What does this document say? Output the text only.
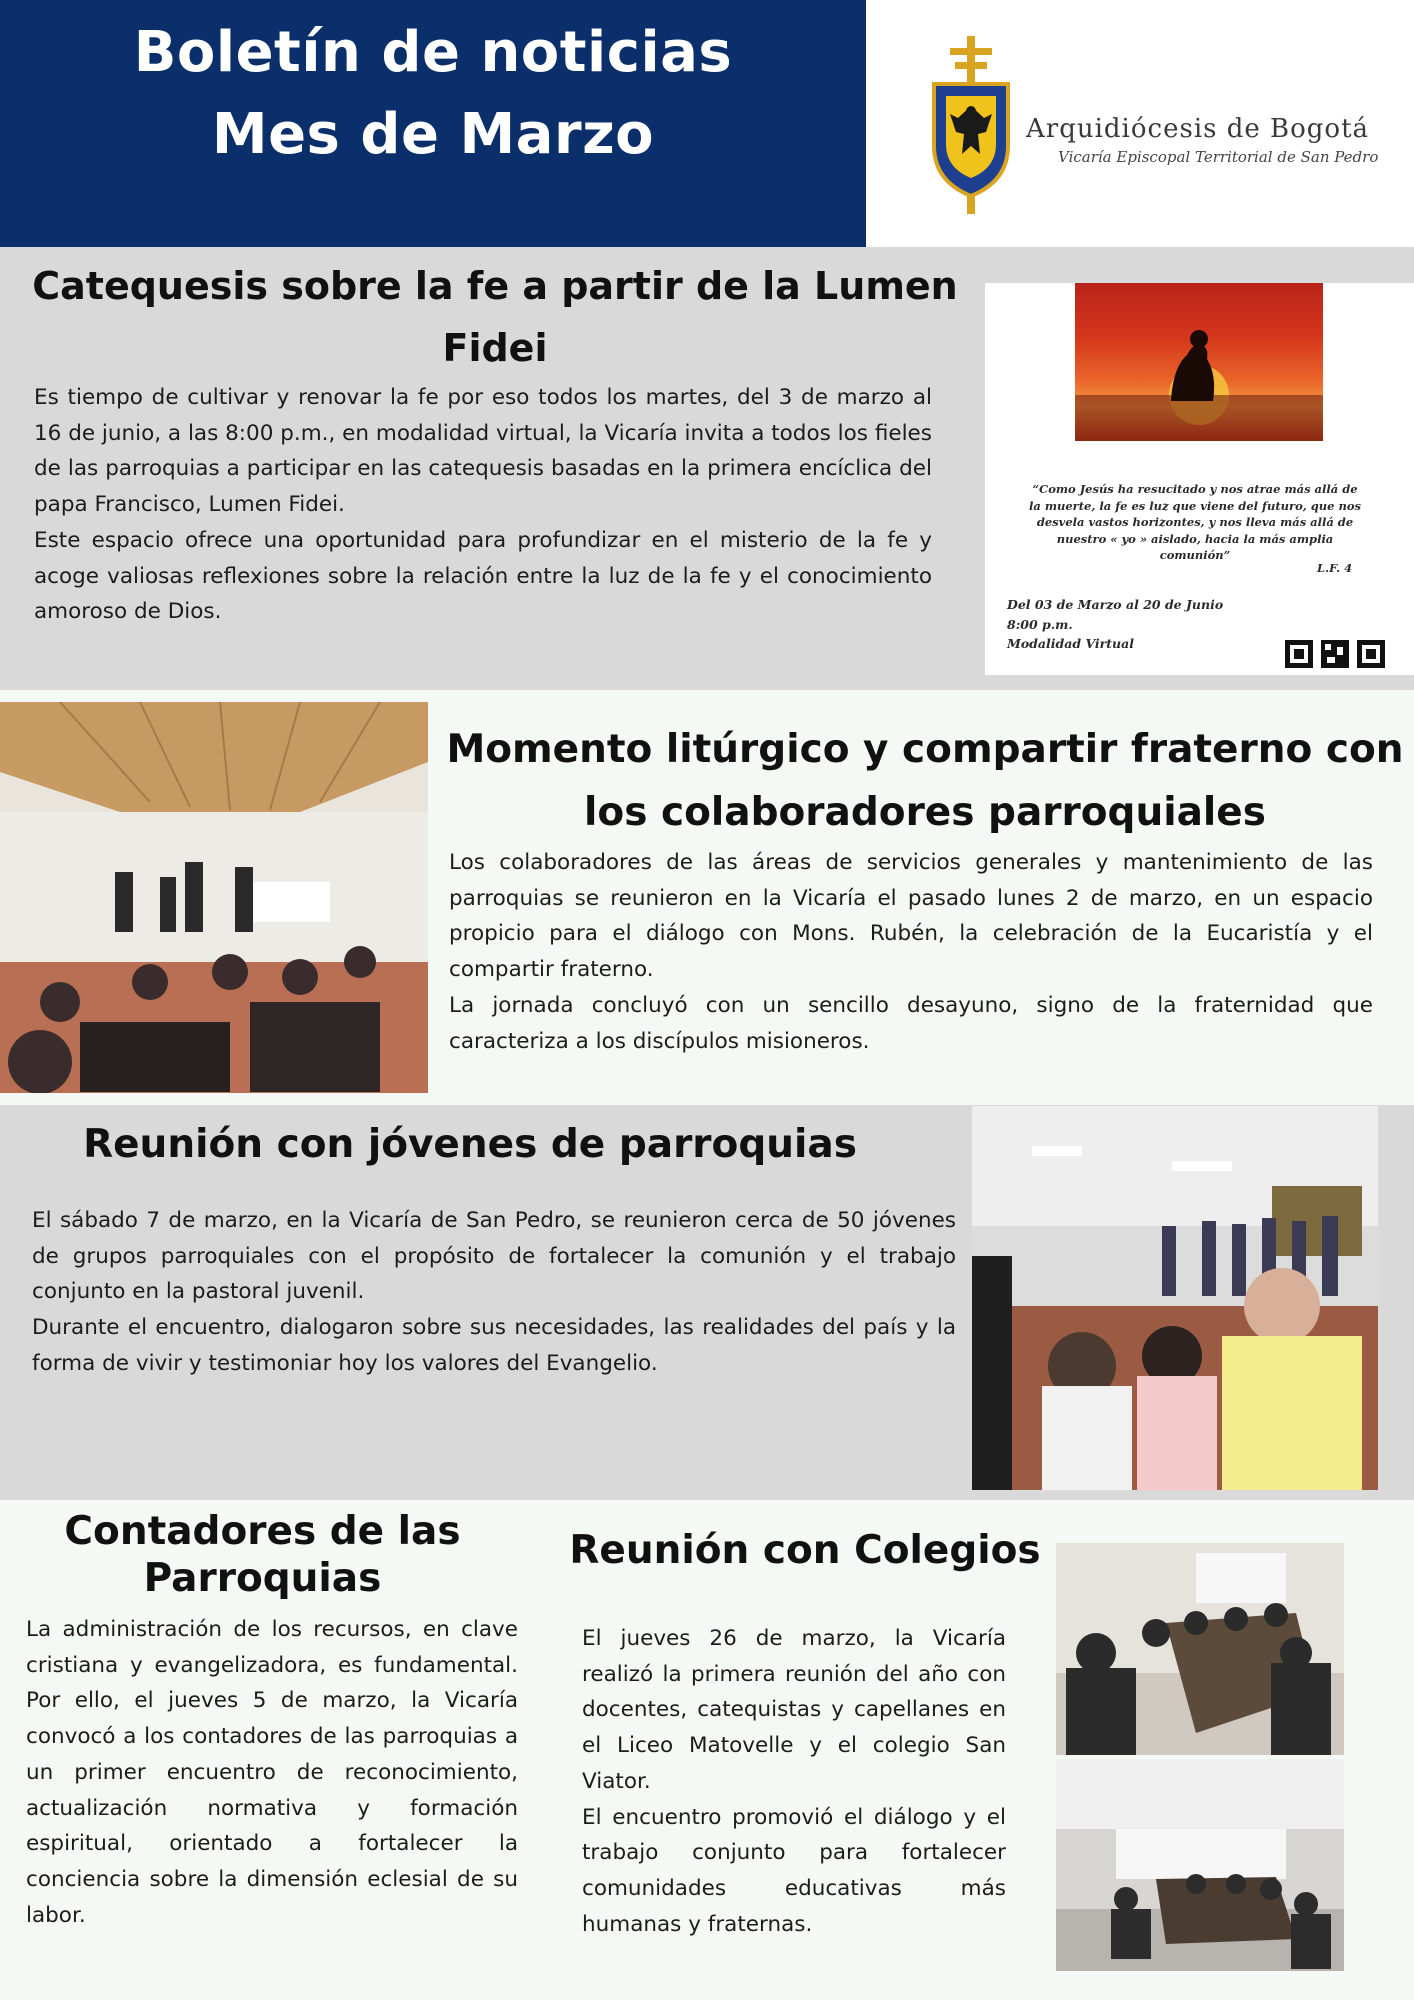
Boletín de noticias
Mes de Marzo	Arquidiócesis de Bogotá
Vicaría Episcopal Territorial de San Pedro
Catequesis sobre la fe a partir de la Lumen Fidei

Es tiempo de cultivar y renovar la fe por eso todos los martes, del 3 de marzo al 16 de junio, a las 8:00 p.m., en modalidad virtual, la Vicaría invita a todos los fieles de las parroquias a participar en las catequesis basadas en la primera encíclica del papa Francisco, Lumen Fidei.
Este espacio ofrece una oportunidad para profundizar en el misterio de la fe y acoge valiosas reflexiones sobre la relación entre la luz de la fe y el conocimiento amoroso de Dios.

“Como Jesús ha resucitado y nos atrae más allá de la muerte, la fe es luz que viene del futuro, que nos desvela vastos horizontes, y nos lleva más allá de nuestro « yo » aislado, hacia la más amplia comunión”
L.F. 4
Del 03 de Marzo al 20 de Junio
8:00 p.m.
Modalidad Virtual
Momento litúrgico y compartir fraterno con los colaboradores parroquiales

Los colaboradores de las áreas de servicios generales y mantenimiento de las parroquias se reunieron en la Vicaría el pasado lunes 2 de marzo, en un espacio propicio para el diálogo con Mons. Rubén, la celebración de la Eucaristía y el compartir fraterno.
La jornada concluyó con un sencillo desayuno, signo de la fraternidad que caracteriza a los discípulos misioneros.

Reunión con jóvenes de parroquias

El sábado 7 de marzo, en la Vicaría de San Pedro, se reunieron cerca de 50 jóvenes de grupos parroquiales con el propósito de fortalecer la comunión y el trabajo conjunto en la pastoral juvenil.
Durante el encuentro, dialogaron sobre sus necesidades, las realidades del país y la forma de vivir y testimoniar hoy los valores del Evangelio.

Contadores de las Parroquias

La administración de los recursos, en clave cristiana y evangelizadora, es fundamental. Por ello, el jueves 5 de marzo, la Vicaría convocó a los contadores de las parroquias a un primer encuentro de reconocimiento, actualización normativa y formación espiritual, orientado a fortalecer la conciencia sobre la dimensión eclesial de su labor.

Reunión con Colegios

El jueves 26 de marzo, la Vicaría realizó la primera reunión del año con docentes, catequistas y capellanes en el Liceo Matovelle y el colegio San Viator.
El encuentro promovió el diálogo y el trabajo conjunto para fortalecer comunidades educativas más humanas y fraternas.
